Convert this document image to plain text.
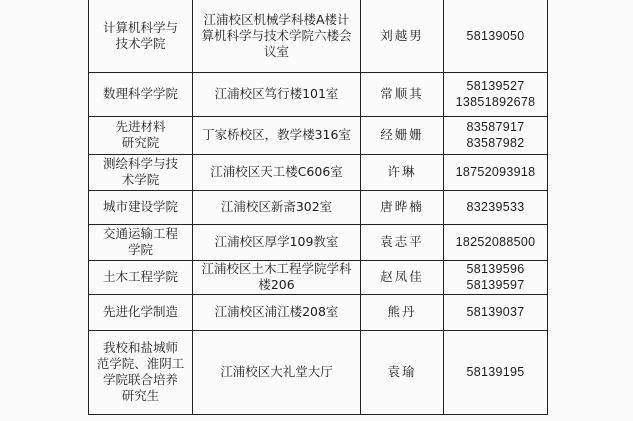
计算机科学与
技术学院	江浦校区机械学科楼A楼计
算机科学与技术学院六楼会
议室	刘越男	58139050

数理科学学院	江浦校区笃行楼101室	常顺其	58139527
13851892678

先进材料
研究院	丁家桥校区，教学楼316室	经姗姗	83587917
83587982

测绘科学与技
术学院	江浦校区天工楼C606室	许琳	18752093918

城市建设学院	江浦校区新斋302室	唐晔楠	83239533

交通运输工程
学院	江浦校区厚学109教室	袁志平	18252088500

土木工程学院	江浦校区土木工程学院学科
楼206	赵凤佳	58139596
58139597

先进化学制造	江浦校区浦江楼208室	熊丹	58139037

我校和盐城师
范学院、淮阴工
学院联合培养
研究生	江浦校区大礼堂大厅	袁瑜	58139195
